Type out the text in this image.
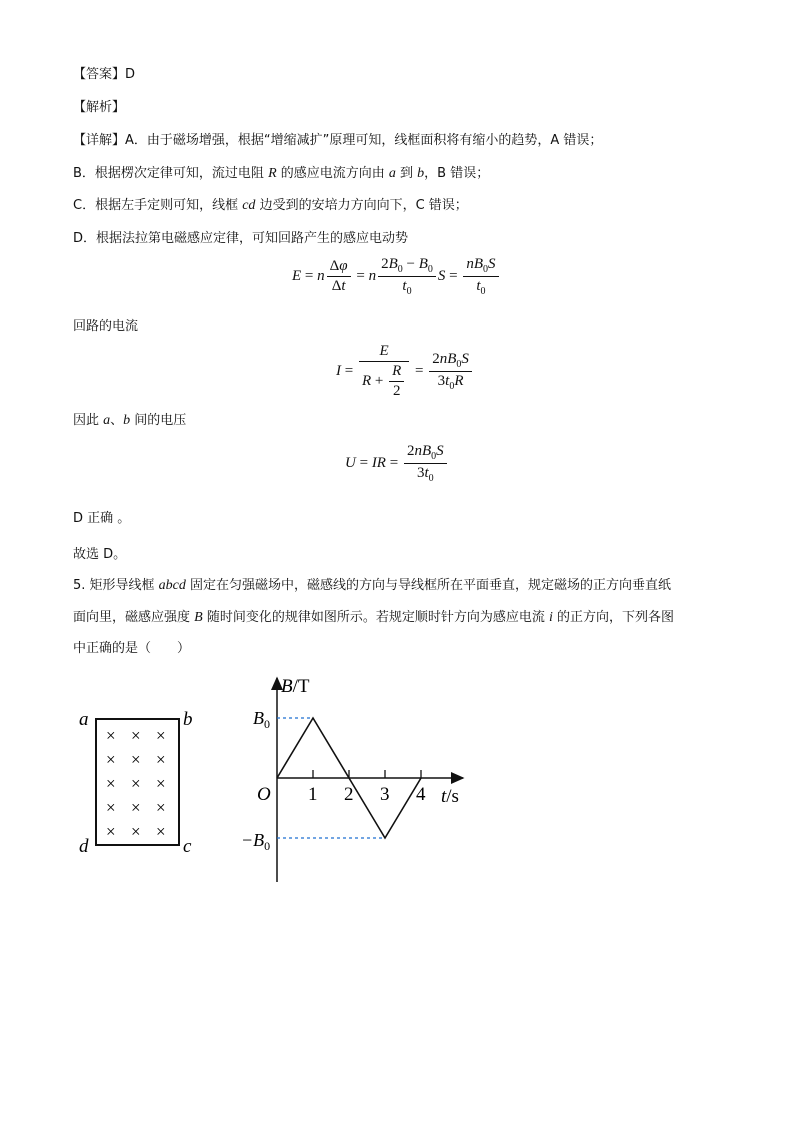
【答案】D
【解析】
【详解】A．由于磁场增强，根据“增缩减扩”原理可知，线框面积将有缩小的趋势，A 错误；
B．根据楞次定律可知，流过电阻 R 的感应电流方向由 a 到 b，B 错误；
C．根据左手定则可知，线框 cd 边受到的安培力方向向下，C 错误；
D．根据法拉第电磁感应定律，可知回路产生的感应电动势
E = n $\frac{\Delta\varphi}{\Delta t} = n \frac{2B_0 - B_0}{t_0}$ $S = \frac{nB_0S}{t_0}$
回路的电流
$I = \frac{E}{R + \frac{R}{2}} = \frac{2nB_0S}{3t_0R}$
因此 a、b 间的电压
U = IR = $\frac{2nB_0S}{3t_0}$
D 正确 。
故选 D。
5. 矩形导线框 abcd 固定在匀强磁场中，磁感线的方向与导线框所在平面垂直，规定磁场的正方向垂直纸
面向里，磁感应强度 B 随时间变化的规律如图所示。若规定顺时针方向为感应电流 i 的正方向，下列各图
中正确的是（　　）
a	b
c
d
× × ×
× × ×
× × ×
× × ×
× × ×
B/T
t/s
O
$B_0$
$-B_0$
1 2 3 4
